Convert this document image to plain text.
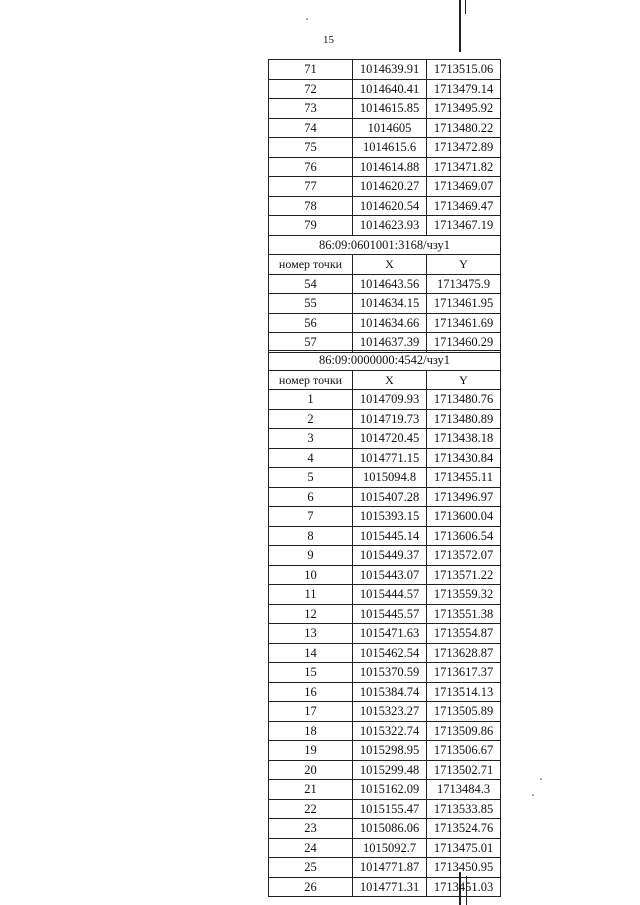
15
71	1014639.91	1713515.06
72	1014640.41	1713479.14
73	1014615.85	1713495.92
74	1014605	1713480.22
75	1014615.6	1713472.89
76	1014614.88	1713471.82
77	1014620.27	1713469.07
78	1014620.54	1713469.47
79	1014623.93	1713467.19
86:09:0601001:3168/чзу1		
номер точки	X	Y
54	1014643.56	1713475.9
55	1014634.15	1713461.95
56	1014634.66	1713461.69
57	1014637.39	1713460.29
86:09:0000000:4542/чзу1		
номер точки	X	Y
1	1014709.93	1713480.76
2	1014719.73	1713480.89
3	1014720.45	1713438.18
4	1014771.15	1713430.84
5	1015094.8	1713455.11
6	1015407.28	1713496.97
7	1015393.15	1713600.04
8	1015445.14	1713606.54
9	1015449.37	1713572.07
10	1015443.07	1713571.22
11	1015444.57	1713559.32
12	1015445.57	1713551.38
13	1015471.63	1713554.87
14	1015462.54	1713628.87
15	1015370.59	1713617.37
16	1015384.74	1713514.13
17	1015323.27	1713505.89
18	1015322.74	1713509.86
19	1015298.95	1713506.67
20	1015299.48	1713502.71
21	1015162.09	1713484.3
22	1015155.47	1713533.85
23	1015086.06	1713524.76
24	1015092.7	1713475.01
25	1014771.87	1713450.95
26	1014771.31	1713451.03
